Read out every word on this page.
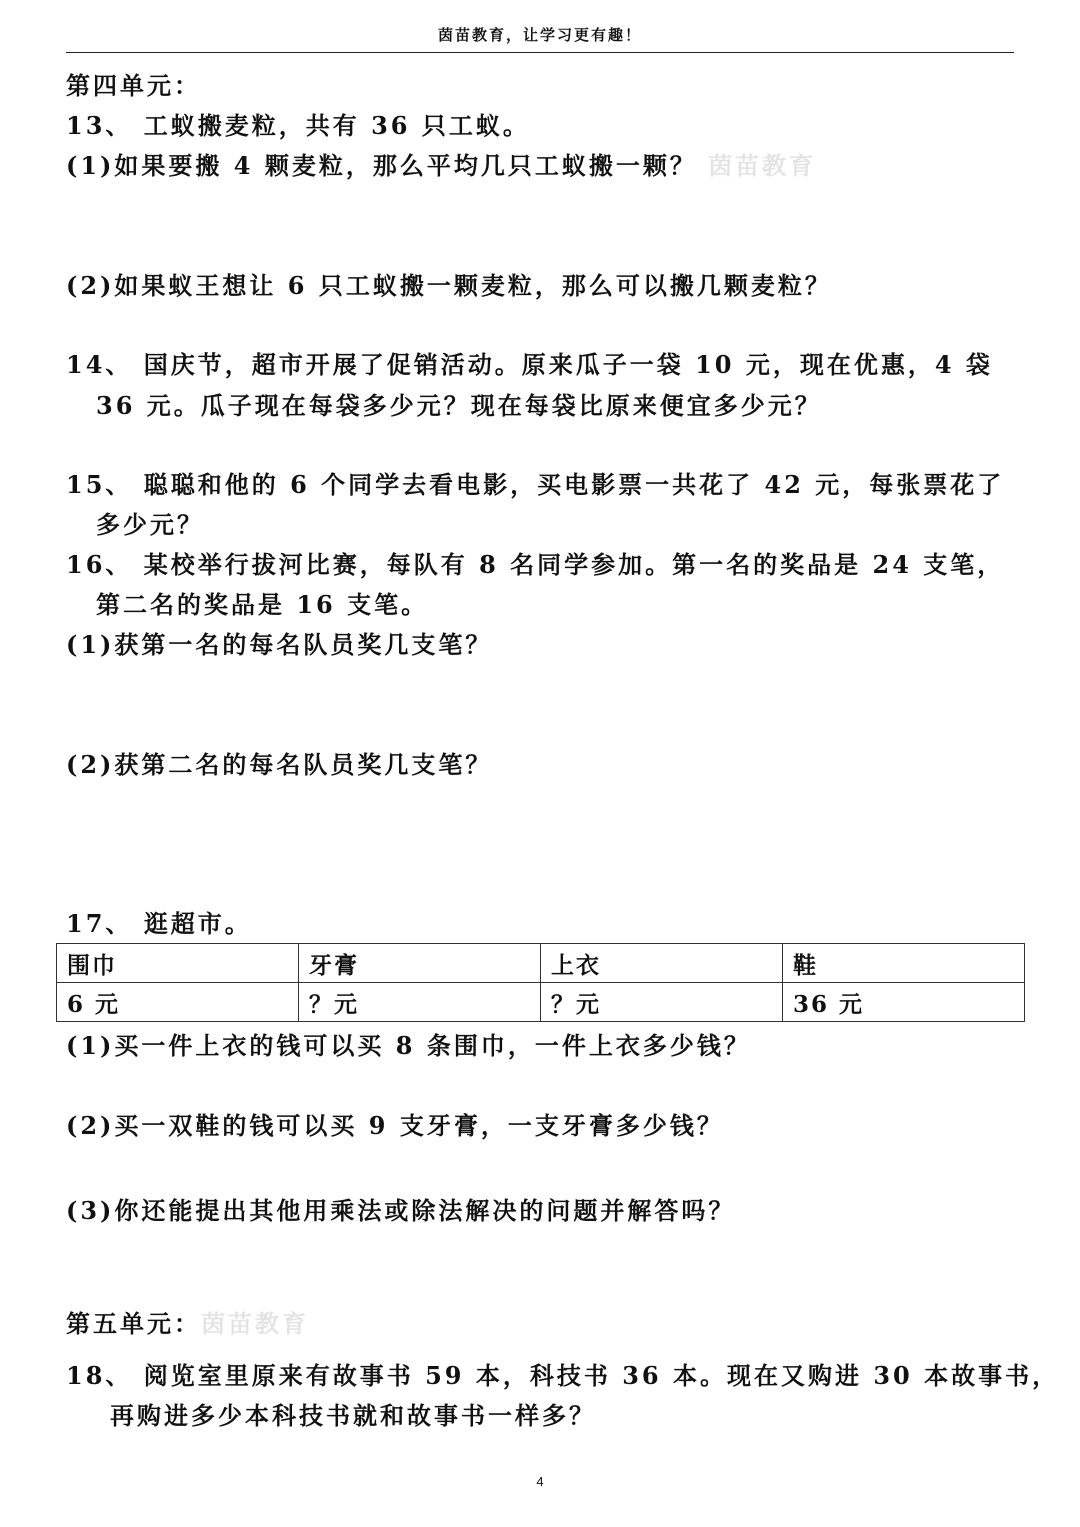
茵苗教育，让学习更有趣！
第四单元：
13、 工蚁搬麦粒，共有 36 只工蚁。
(1)如果要搬 4 颗麦粒，那么平均几只工蚁搬一颗？ 茵苗教育
(2)如果蚁王想让 6 只工蚁搬一颗麦粒，那么可以搬几颗麦粒？
14、 国庆节，超市开展了促销活动。原来瓜子一袋 10 元，现在优惠，4 袋
36 元。瓜子现在每袋多少元？现在每袋比原来便宜多少元？
15、 聪聪和他的 6 个同学去看电影，买电影票一共花了 42 元，每张票花了
多少元？
16、 某校举行拔河比赛，每队有 8 名同学参加。第一名的奖品是 24 支笔，
第二名的奖品是 16 支笔。
(1)获第一名的每名队员奖几支笔？
(2)获第二名的每名队员奖几支笔？
17、 逛超市。
围巾	牙膏	上衣	鞋
6 元	？元	？元	36 元
(1)买一件上衣的钱可以买 8 条围巾，一件上衣多少钱？
(2)买一双鞋的钱可以买 9 支牙膏，一支牙膏多少钱？
(3)你还能提出其他用乘法或除法解决的问题并解答吗？
第五单元：茵苗教育
18、 阅览室里原来有故事书 59 本，科技书 36 本。现在又购进 30 本故事书，
再购进多少本科技书就和故事书一样多？
4
